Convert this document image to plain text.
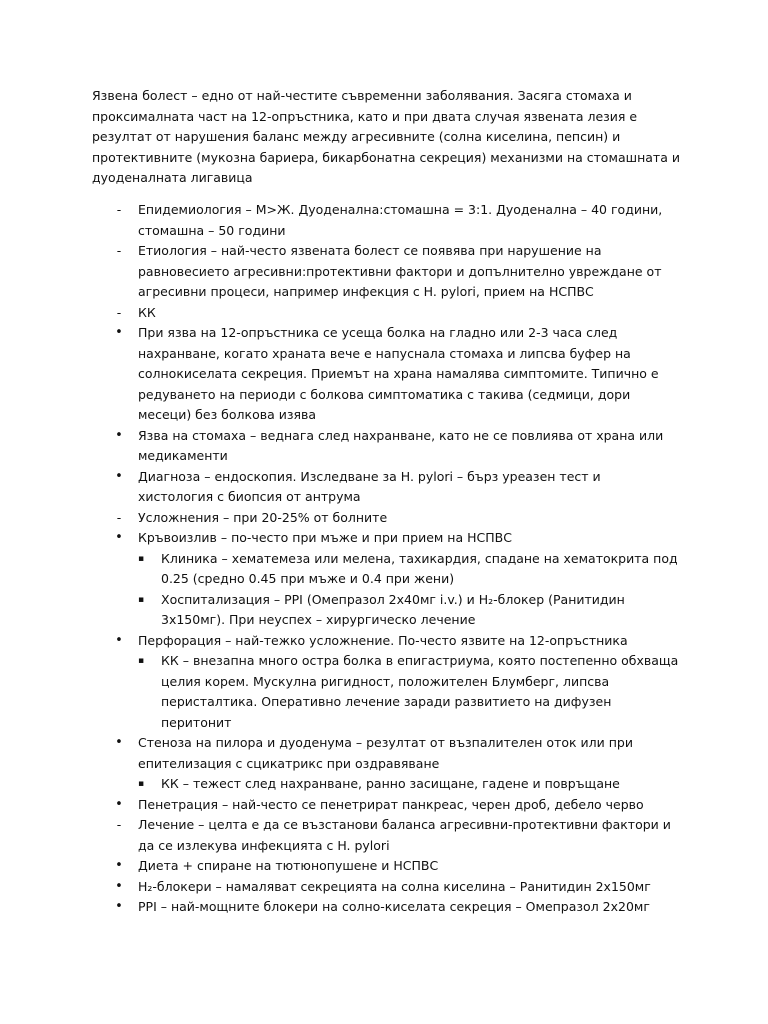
Язвена болест – едно от най-честите съвременни заболявания. Засяга стомаха и проксималната част на 12-опръстника, като и при двата случая язвената лезия е резултат от нарушения баланс между агресивните (солна киселина, пепсин) и протективните (мукозна бариера, бикарбонатна секреция) механизми на стомашната и дуоденалната лигавица

-	Епидемиология – М>Ж. Дуоденална:стомашна = 3:1. Дуоденална – 40 години, стомашна – 50 години
-	Етиология – най-често язвената болест се появява при нарушение на равновесието агресивни:протективни фактори и допълнително увреждане от агресивни процеси, например инфекция с H. pylori, прием на НСПВС
-	КК
• При язва на 12-опръстника се усеща болка на гладно или 2-3 часа след нахранване, когато храната вече е напуснала стомаха и липсва буфер на солнокиселата секреция. Приемът на храна намалява симптомите. Типично е редуването на периоди с болкова симптоматика с такива (седмици, дори месеци) без болкова изява
• Язва на стомаха – веднага след нахранване, като не се повлиява от храна или медикаменти
• Диагноза – ендоскопия. Изследване за H. pylori – бърз уреазен тест и хистология с биопсия от антрума
-	Усложнения – при 20-25% от болните
• Кръвоизлив – по-често при мъже и при прием на НСПВС
▪	Клиника – хематемеза или мелена, тахикардия, спадане на хематокрита под 0.25 (средно 0.45 при мъже и 0.4 при жени)
▪	Хоспитализация – PPI (Омепразол 2х40мг i.v.) и H₂-блокер (Ранитидин 3х150мг). При неуспех – хирургическо лечение
• Перфорация – най-тежко усложнение. По-често язвите на 12-опръстника
▪	КК – внезапна много остра болка в епигастриума, която постепенно обхваща целия корем. Мускулна ригидност, положителен Блумберг, липсва перисталтика. Оперативно лечение заради развитието на дифузен перитонит
• Стеноза на пилора и дуоденума – резултат от възпалителен оток или при епителизация с сцикатрикс при оздравяване
▪	КК – тежест след нахранване, ранно засищане, гадене и повръщане
• Пенетрация – най-често се пенетрират панкреас, черен дроб, дебело черво
-	Лечение – целта е да се възстанови баланса агресивни-протективни фактори и да се излекува инфекцията с H. pylori
• Диета + спиране на тютюнопушене и НСПВС
• H₂-блокери – намаляват секрецията на солна киселина – Ранитидин 2х150мг
• PPI – най-мощните блокери на солно-киселата секреция – Омепразол 2х20мг
